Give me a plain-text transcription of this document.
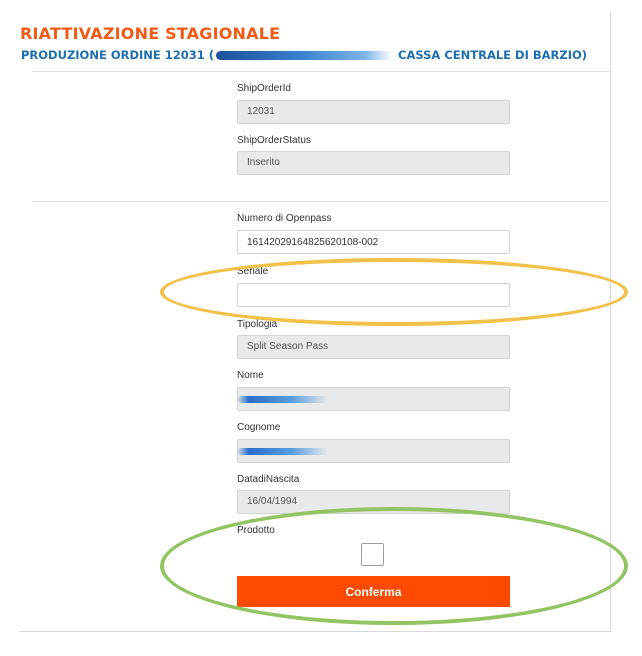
RIATTIVAZIONE STAGIONALE
PRODUZIONE ORDINE 12031 (	CASSA CENTRALE DI BARZIO)
ShipOrderId
12031
ShipOrderStatus
Inserito
Numero di Openpass
16142029164825620108-002
Seriale
Tipologia
Split Season Pass
Nome
Cognome
DatadiNascita
16/04/1994
Prodotto
Conferma
